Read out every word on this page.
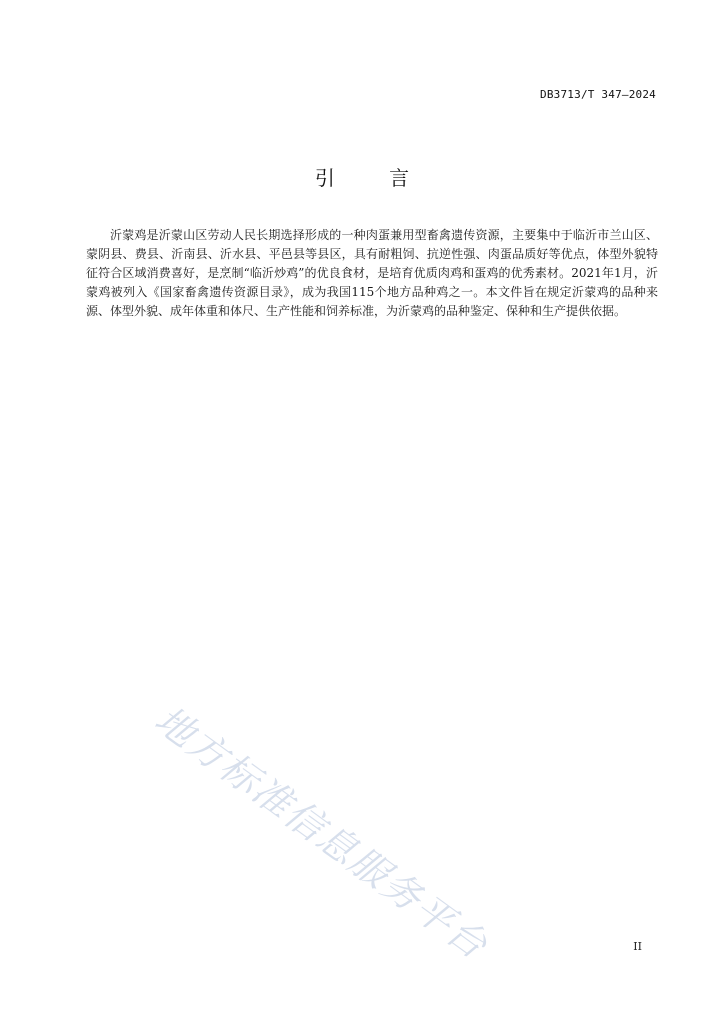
DB3713/T 347—2024
引 言

沂蒙鸡是沂蒙山区劳动人民长期选择形成的一种肉蛋兼用型畜禽遗传资源，主要集中于临沂市兰山区、蒙阴县、费县、沂南县、沂水县、平邑县等县区，具有耐粗饲、抗逆性强、肉蛋品质好等优点，体型外貌特征符合区域消费喜好，是烹制“临沂炒鸡”的优良食材，是培育优质肉鸡和蛋鸡的优秀素材。2021年1月，沂蒙鸡被列入《国家畜禽遗传资源目录》，成为我国115个地方品种鸡之一。本文件旨在规定沂蒙鸡的品种来源、体型外貌、成年体重和体尺、生产性能和饲养标准，为沂蒙鸡的品种鉴定、保种和生产提供依据。

地方标准信息服务平台	II
